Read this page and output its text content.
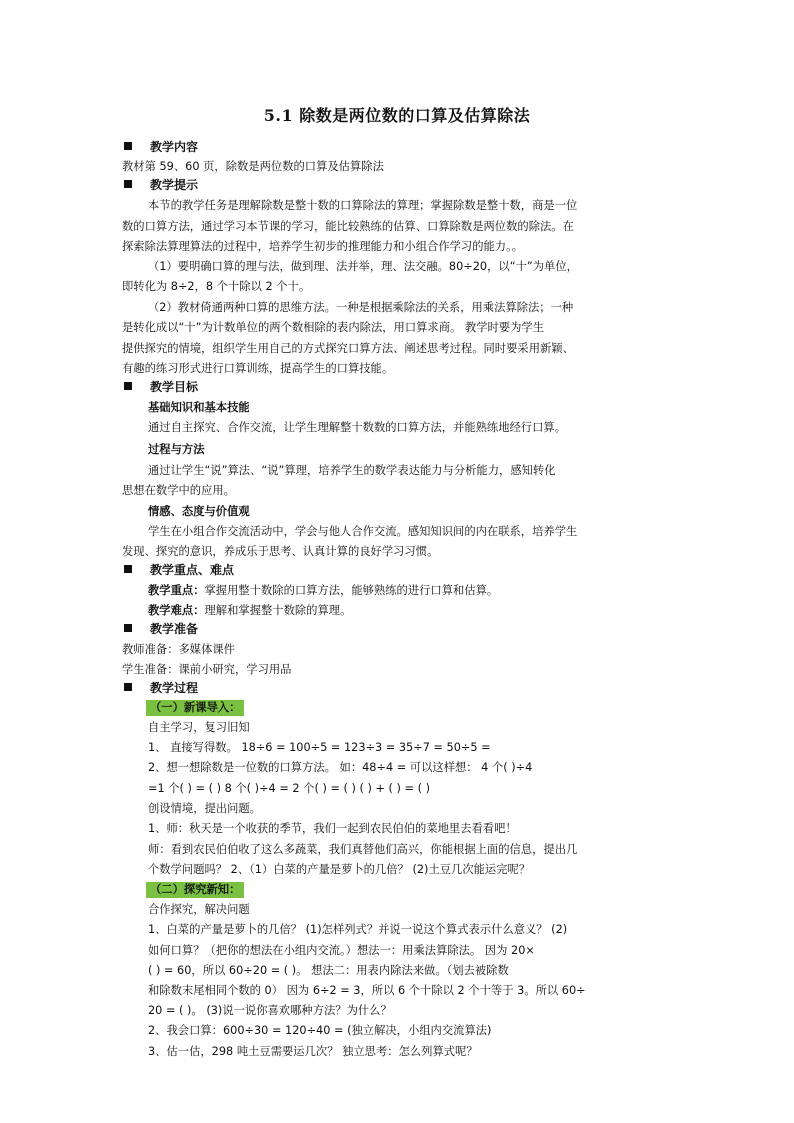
5.1 除数是两位数的口算及估算除法
教学内容
教材第 59、60 页，除数是两位数的口算及估算除法
教学提示
本节的教学任务是理解除数是整十数的口算除法的算理；掌握除数是整十数，商是一位
数的口算方法，通过学习本节课的学习，能比较熟练的估算、口算除数是两位数的除法。在
探索除法算理算法的过程中，培养学生初步的推理能力和小组合作学习的能力。。
（1）要明确口算的理与法，做到理、法并举，理、法交融。80÷20，以“十”为单位，
即转化为 8÷2，8 个十除以 2 个十。
（2）教材倚通两种口算的思维方法。一种是根据乘除法的关系，用乘法算除法；一种
是转化成以“十”为计数单位的两个数相除的表内除法，用口算求商。 教学时要为学生
提供探究的情境，组织学生用自己的方式探究口算方法、阐述思考过程。同时要采用新颖、
有趣的练习形式进行口算训练，提高学生的口算技能。
教学目标
基础知识和基本技能
通过自主探究、合作交流，让学生理解整十数数的口算方法，并能熟练地经行口算。
过程与方法
通过让学生“说”算法、“说”算理，培养学生的数学表达能力与分析能力，感知转化
思想在数学中的应用。
情感、态度与价值观
学生在小组合作交流活动中，学会与他人合作交流。感知知识间的内在联系，培养学生
发现、探究的意识，养成乐于思考、认真计算的良好学习习惯。
教学重点、难点
教学重点：掌握用整十数除的口算方法，能够熟练的进行口算和估算。
教学难点：理解和掌握整十数除的算理。
教学准备
教师准备：多媒体课件
学生准备：课前小研究，学习用品
教学过程
（一）新课导入：
自主学习，复习旧知
1、 直接写得数。 18÷6 = 100÷5 = 123÷3 = 35÷7 = 50÷5 =
2、想一想除数是一位数的口算方法。 如：48÷4 = 可以这样想： 4 个( )÷4
=1 个( ) = ( ) 8 个( )÷4 = 2 个( ) = ( ) ( ) + ( ) = ( )
创设情境，提出问题。
1、师：秋天是一个收获的季节，我们一起到农民伯伯的菜地里去看看吧！
师：看到农民伯伯收了这么多蔬菜，我们真替他们高兴，你能根据上面的信息，提出几
个数学问题吗？ 2、（1）白菜的产量是萝卜的几倍？ (2)土豆几次能运完呢？
（二）探究新知：
合作探究，解决问题
1、白菜的产量是萝卜的几倍？ (1)怎样列式？并说一说这个算式表示什么意义？ (2)
如何口算？（把你的想法在小组内交流。）想法一：用乘法算除法。 因为 20×
( ) = 60，所以 60÷20 = ( )。 想法二：用表内除法来做。（划去被除数
和除数末尾相同个数的 0） 因为 6÷2 = 3，所以 6 个十除以 2 个十等于 3。所以 60÷
20 = ( )。 (3)说一说你喜欢哪种方法？为什么？
2、我会口算：600÷30 = 120÷40 = (独立解决，小组内交流算法)
3、估一估，298 吨土豆需要运几次？ 独立思考：怎么列算式呢？
